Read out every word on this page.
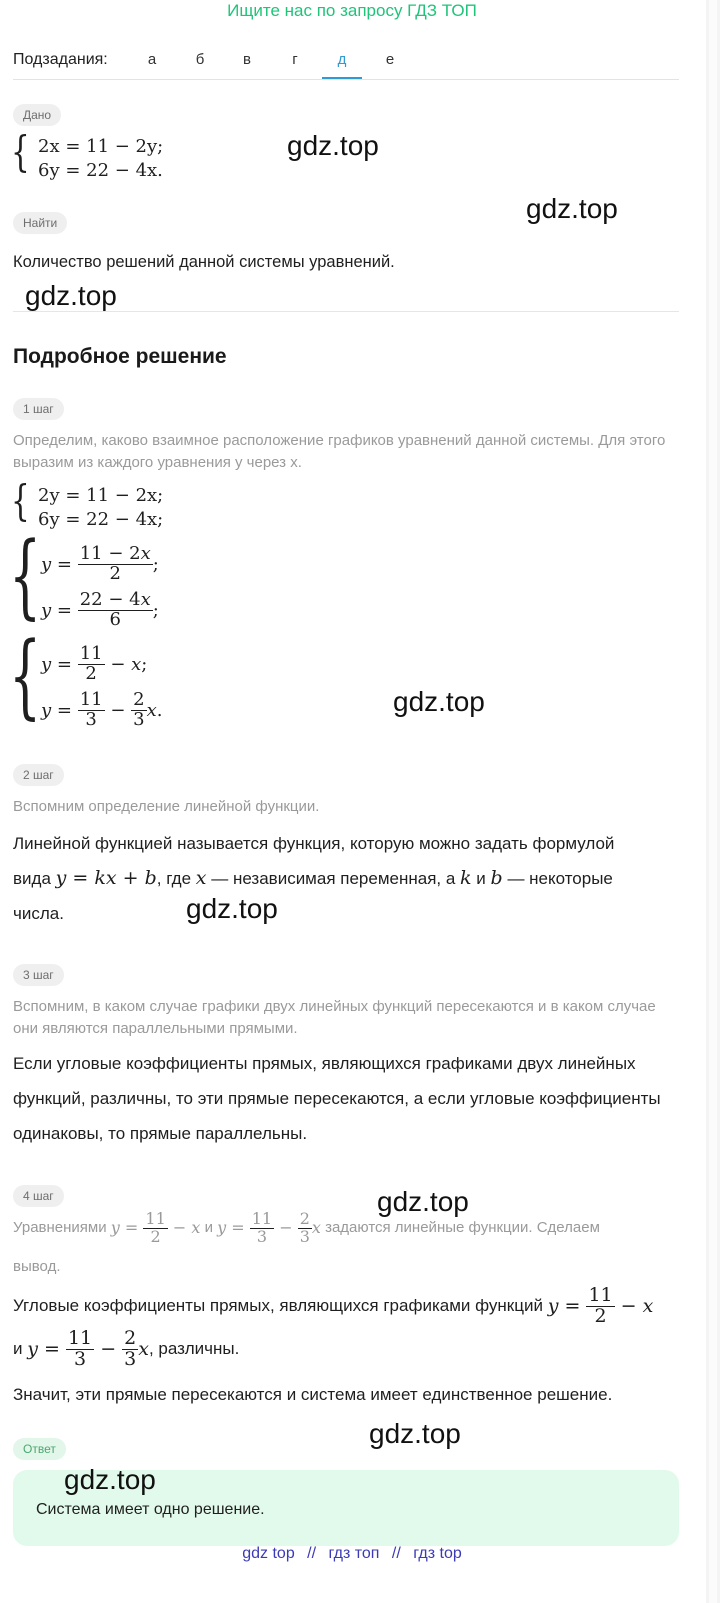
Ищите нас по запросу ГДЗ ТОП
Подзадания:	а	б	в	г	д	е
Дано
{ 2x = 11 − 2y;
6y = 22 − 4x.
Найти
Количество решений данной системы уравнений.
Подробное решение
1 шаг
Определим, каково взаимное расположение графиков уравнений данной системы. Для этого выразим из каждого уравнения y через x.
{ 2y = 11 − 2x;
6y = 22 − 4x;
{ $y = \frac{11 - 2x}{2}$ ;
$y = \frac{22 - 4x}{6}$ ;
{ $y = \frac{11}{2} - x$ ;
$y = \frac{11}{3} - \frac{2}{3}$ x .
2 шаг
Вспомним определение линейной функции.
Линейной функцией называется функция, которую можно задать формулой
вида y = kx + b, где x — независимая переменная, а k и b — некоторые
числа.
3 шаг
Вспомним, в каком случае графики двух линейных функций пересекаются и в каком случае они являются параллельными прямыми.
Если угловые коэффициенты прямых, являющихся графиками двух линейных функций, различны, то эти прямые пересекаются, а если угловые коэффициенты одинаковы, то прямые параллельны.
4 шаг
Уравнениями
$y = \frac{11}{2} - x$
и
$y = \frac{11}{3} - \frac{2}{3}$ x
задаются линейные функции. Сделаем
вывод.
Угловые коэффициенты прямых, являющихся графиками функций
$y = \frac{11}{2} - x$
и
$y = \frac{11}{3} - \frac{2}{3}$ x , различны.
Значит, эти прямые пересекаются и система имеет единственное решение.
Ответ
Система имеет одно решение.
gdz.top
gdz.top
gdz.top
gdz.top
gdz.top
gdz.top
gdz.top
gdz.top
gdz top // гдз топ // гдз top
